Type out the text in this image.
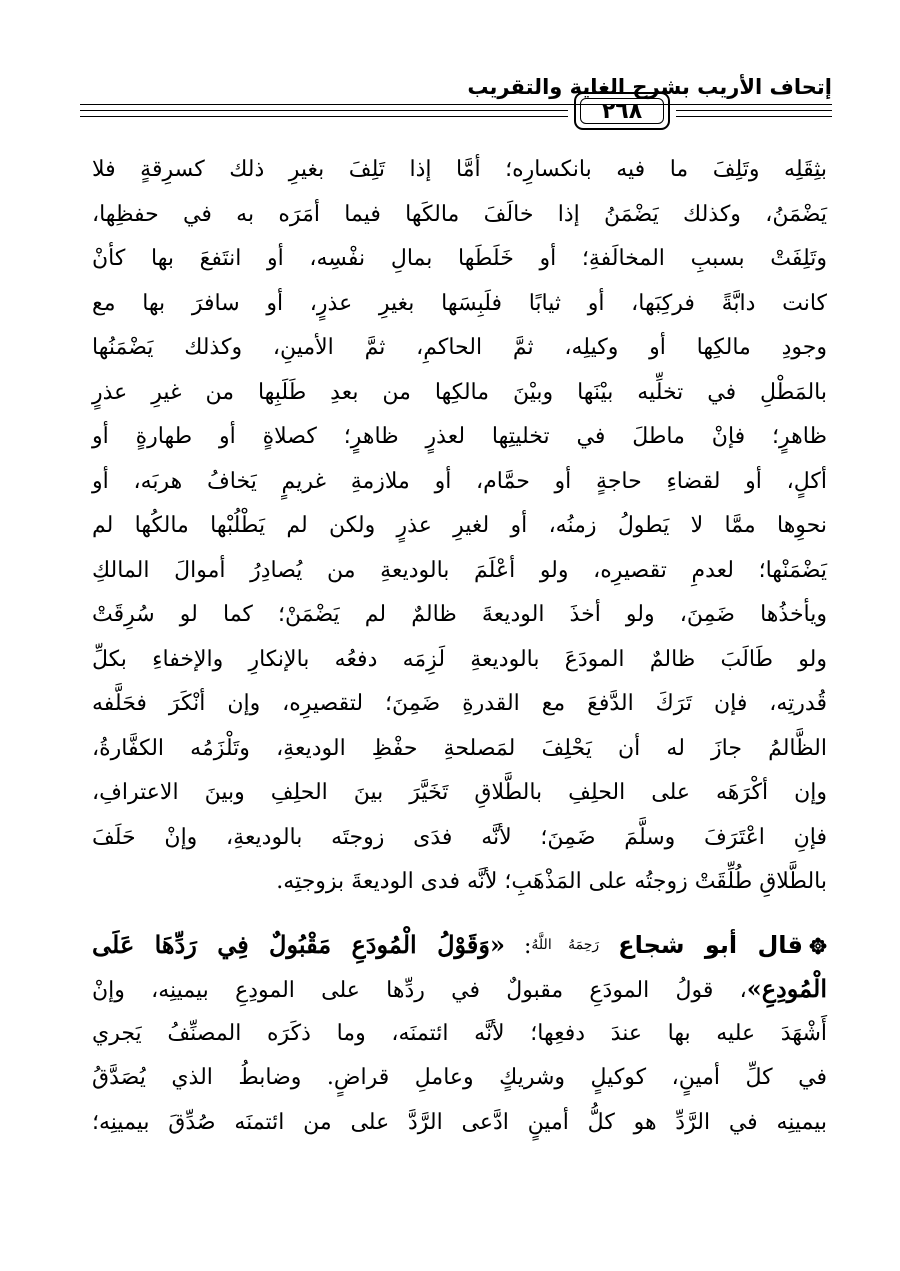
إتحاف الأريب بشرح الغاية والتقريب
٢٦٨
بثِقَلِه وتَلِفَ ما فيه بانكسارِه؛ أمَّا إذا تَلِفَ بغيرِ ذلك كسرِقةٍ فلا
يَضْمَنُ، وكذلك يَضْمَنُ إذا خالَفَ مالكَها فيما أمَرَه به في حفظِها،
وتَلِفَتْ بسببِ المخالَفةِ؛ أو خَلَطَها بمالِ نفْسِه، أو انتَفعَ بها كأنْ
كانت دابَّةً فركِبَها، أو ثيابًا فلَبِسَها بغيرِ عذرٍ، أو سافرَ بها مع
وجودِ مالكِها أو وكيلِه، ثمَّ الحاكمِ، ثمَّ الأمينِ، وكذلك يَضْمَنُها
بالمَطْلِ في تخلِّيه بيْنَها وبيْنَ مالكِها من بعدِ طَلَبِها من غيرِ عذرٍ
ظاهرٍ؛ فإنْ ماطلَ في تخليتِها لعذرٍ ظاهرٍ؛ كصلاةٍ أو طهارةٍ أو
أكلٍ، أو لقضاءِ حاجةٍ أو حمَّام، أو ملازمةِ غريمٍ يَخافُ هربَه، أو
نحوِها ممَّا لا يَطولُ زمنُه، أو لغيرِ عذرٍ ولكن لم يَطْلُبْها مالكُها لم
يَضْمَنْها؛ لعدمِ تقصيرِه، ولو أعْلَمَ بالوديعةِ من يُصادِرُ أموالَ المالكِ
ويأخذُها ضَمِنَ، ولو أخذَ الوديعةَ ظالمٌ لم يَضْمَنْ؛ كما لو سُرِقَتْ
ولو طَالَبَ ظالمٌ المودَعَ بالوديعةِ لَزِمَه دفعُه بالإنكارِ والإخفاءِ بكلِّ
قُدرتِه، فإن تَرَكَ الدَّفعَ مع القدرةِ ضَمِنَ؛ لتقصيرِه، وإن أنْكَرَ فحَلَّفه
الظَّالمُ جازَ له أن يَحْلِفَ لمَصلحةِ حفْظِ الوديعةِ، وتَلْزَمُه الكفَّارةُ،
وإن أكْرَهَه على الحلِفِ بالطَّلاقِ تَخَيَّرَ بينَ الحلِفِ وبينَ الاعترافِ،
فإنِ اعْتَرَفَ وسلَّمَ ضَمِنَ؛ لأنَّه فدَى زوجتَه بالوديعةِ، وإنْ حَلَفَ
بالطَّلاقِ طُلِّقَتْ زوجتُه على المَذْهَبِ؛ لأنَّه فدى الوديعةَ بزوجتِه.
قال أبو شجاع رَحِمَهُ اللَّهُ: «وَقَوْلُ الْمُودَعِ مَقْبُولٌ فِي رَدِّهَا عَلَى
الْمُودِعِ»، قولُ المودَعِ مقبولٌ في ردِّها على المودِعِ بيمينِه، وإنْ
أَشْهَدَ عليه بها عندَ دفعِها؛ لأنَّه ائتمنَه، وما ذكَرَه المصنِّفُ يَجري
في كلِّ أمينٍ، كوكيلٍ وشريكٍ وعاملِ قراضٍ. وضابطُ الذي يُصَدَّقُ
بيمينِه في الرَّدِّ هو كلُّ أمينٍ ادَّعى الرَّدَّ على من ائتمنَه صُدِّقَ بيمينِه؛
